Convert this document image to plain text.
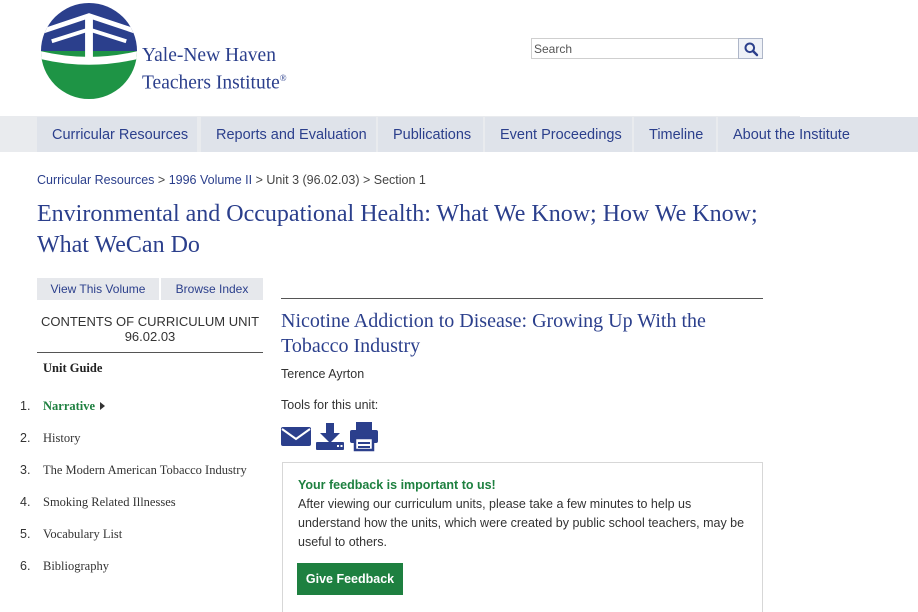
Yale-New Haven
Teachers Institute®
Search
Curricular Resources	Reports and Evaluation	Publications	Event Proceedings	Timeline	About the Institute
Curricular Resources > 1996 Volume II > Unit 3 (96.02.03) > Section 1
Environmental and Occupational Health: What We Know; How We Know; What WeCan Do
View This Volume	Browse Index
CONTENTS OF CURRICULUM UNIT 96.02.03
Unit Guide
1.	Narrative
2.	History
3.	The Modern American Tobacco Industry
4.	Smoking Related Illnesses
5.	Vocabulary List
6.	Bibliography
Nicotine Addiction to Disease: Growing Up With the Tobacco Industry
Terence Ayrton
Tools for this unit:
Your feedback is important to us!
After viewing our curriculum units, please take a few minutes to help us understand how the units, which were created by public school teachers, may be useful to others.
Give Feedback
